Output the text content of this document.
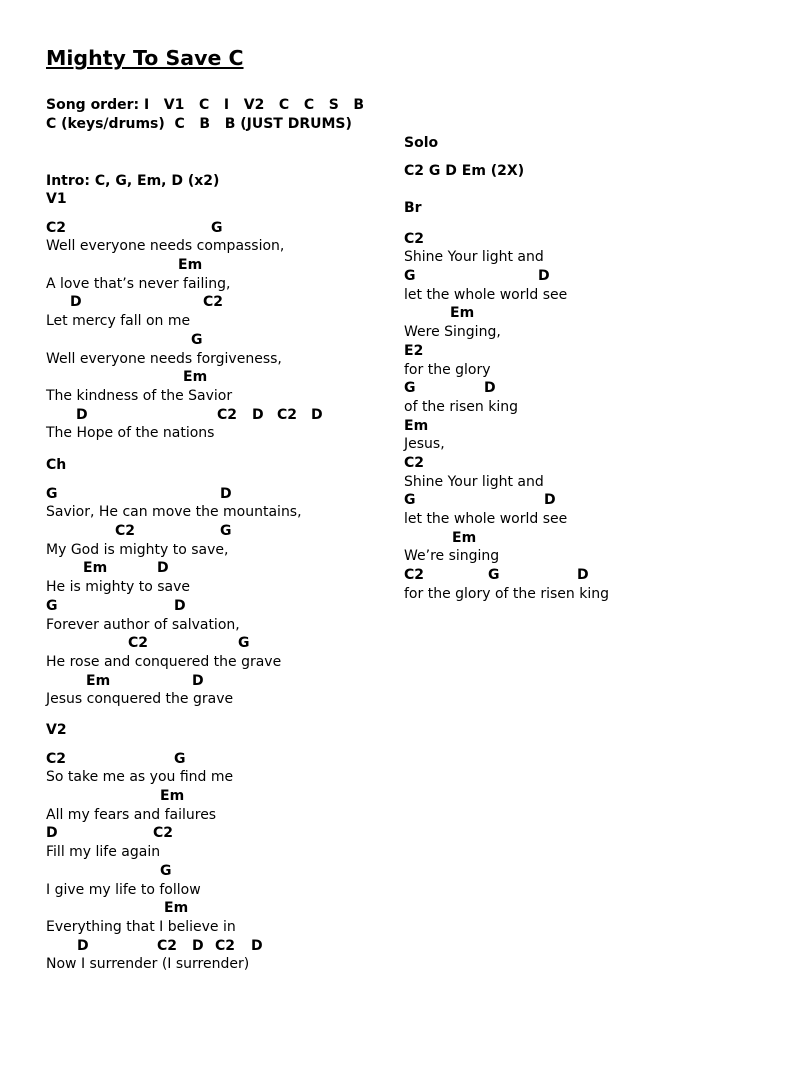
Mighty To Save C
Song order: I   V1   C   I   V2   C   C   S   B
C (keys/drums)  C   B   B (JUST DRUMS)
Intro: C, G, Em, D (x2)
V1

C2

	G

Well everyone needs compassion,

Em

A love that’s never failing,

D

	C2

Let mercy fall on me

G

Well everyone needs forgiveness,

Em

The kindness of the Savior

D

	C2

D

C2

D

The Hope of the nations
Ch

G

	D

Savior, He can move the mountains,

C2

	G

My God is mighty to save,

Em

	D

He is mighty to save

G

	D

Forever author of salvation,

C2

	G

He rose and conquered the grave

Em

	D

Jesus conquered the grave
V2

C2

	G

So take me as you find me

Em

All my fears and failures

D

	C2

Fill my life again

G

I give my life to follow

Em

Everything that I believe in

D

	C2

D

C2

D

Now I surrender (I surrender)
Solo
C2 G D Em (2X)
Br

C2

Shine Your light and

G

	D

let the whole world see

Em

Were Singing,

E2

for the glory

G

	D

of the risen king

Em

Jesus,

C2

Shine Your light and

G

	D

let the whole world see

Em

We’re singing

C2

	G

	D

for the glory of the risen king
